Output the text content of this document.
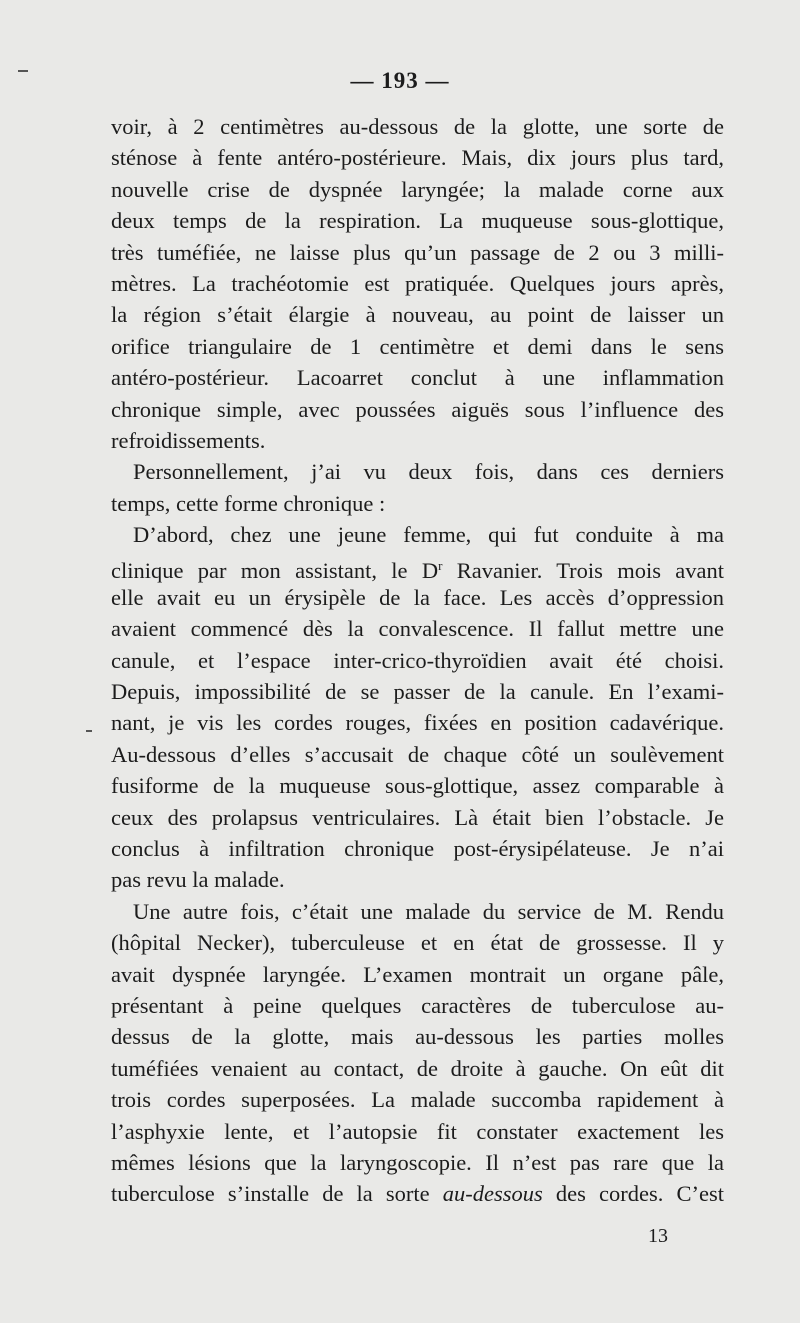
— 193 —
voir, à 2 centimètres au-dessous de la glotte, une sorte de
sténose à fente antéro-postérieure. Mais, dix jours plus tard,
nouvelle crise de dyspnée laryngée; la malade corne aux
deux temps de la respiration. La muqueuse sous-glottique,
très tuméfiée, ne laisse plus qu’un passage de 2 ou 3 milli-
mètres. La trachéotomie est pratiquée. Quelques jours après,
la région s’était élargie à nouveau, au point de laisser un
orifice triangulaire de 1 centimètre et demi dans le sens
antéro-postérieur. Lacoarret conclut à une inflammation
chronique simple, avec poussées aiguës sous l’influence des
refroidissements.
Personnellement, j’ai vu deux fois, dans ces derniers
temps, cette forme chronique :
D’abord, chez une jeune femme, qui fut conduite à ma
clinique par mon assistant, le $D^r$ Ravanier. Trois mois avant
elle avait eu un érysipèle de la face. Les accès d’oppression
avaient commencé dès la convalescence. Il fallut mettre une
canule, et l’espace inter-crico-thyroïdien avait été choisi.
Depuis, impossibilité de se passer de la canule. En l’exami-
nant, je vis les cordes rouges, fixées en position cadavérique.
Au-dessous d’elles s’accusait de chaque côté un soulèvement
fusiforme de la muqueuse sous-glottique, assez comparable à
ceux des prolapsus ventriculaires. Là était bien l’obstacle. Je
conclus à infiltration chronique post-érysipélateuse. Je n’ai
pas revu la malade.
Une autre fois, c’était une malade du service de M. Rendu
(hôpital Necker), tuberculeuse et en état de grossesse. Il y
avait dyspnée laryngée. L’examen montrait un organe pâle,
présentant à peine quelques caractères de tuberculose au-
dessus de la glotte, mais au-dessous les parties molles
tuméfiées venaient au contact, de droite à gauche. On eût dit
trois cordes superposées. La malade succomba rapidement à
l’asphyxie lente, et l’autopsie fit constater exactement les
mêmes lésions que la laryngoscopie. Il n’est pas rare que la
tuberculose s’installe de la sorte au-dessous des cordes. C’est
13
